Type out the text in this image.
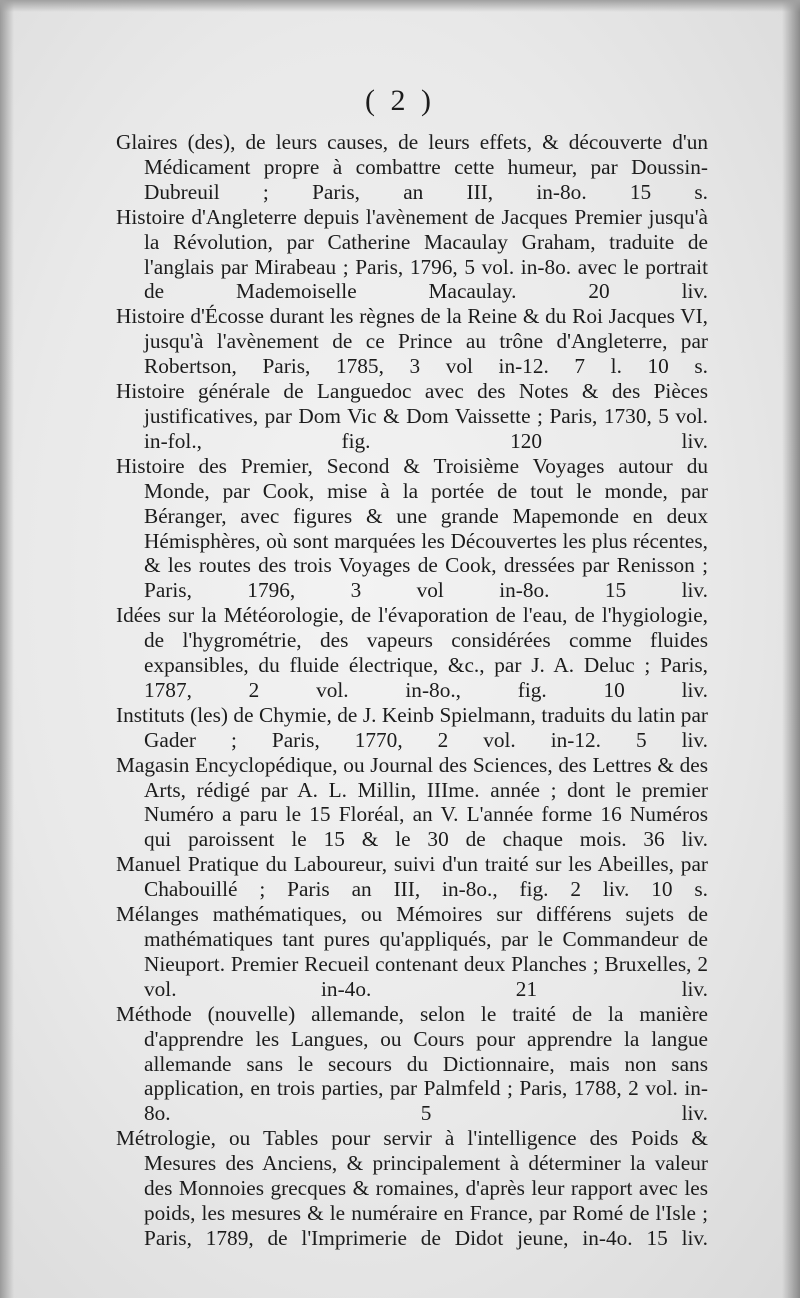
( 2 )

Glaires (des), de leurs causes, de leurs effets, & découverte d'un Médicament propre à combattre cette humeur, par Doussin-Dubreuil ; Paris, an III, in-8o. 15 s.

Histoire d'Angleterre depuis l'avènement de Jacques Premier jusqu'à la Révolution, par Catherine Macaulay Graham, traduite de l'anglais par Mirabeau ; Paris, 1796, 5 vol. in-8o. avec le portrait de Mademoiselle Macaulay.	20 liv.

Histoire d'Écosse durant les règnes de la Reine & du Roi Jacques VI, jusqu'à l'avènement de ce Prince au trône d'Angleterre, par Robertson, Paris, 1785, 3 vol in-12. 7 l. 10 s.

Histoire générale de Languedoc avec des Notes & des Pièces justificatives, par Dom Vic & Dom Vaissette ; Paris, 1730, 5 vol. in-fol., fig.	120 liv.

Histoire des Premier, Second & Troisième Voyages autour du Monde, par Cook, mise à la portée de tout le monde, par Béranger, avec figures & une grande Mapemonde en deux Hémisphères, où sont marquées les Découvertes les plus récentes, & les routes des trois Voyages de Cook, dressées par Renisson ; Paris, 1796, 3 vol in-8o.	15 liv.

Idées sur la Météorologie, de l'évaporation de l'eau, de l'hygiologie, de l'hygrométrie, des vapeurs considérées comme fluides expansibles, du fluide électrique, &c., par J. A. Deluc ; Paris, 1787, 2 vol. in-8o., fig.	10 liv.

Instituts (les) de Chymie, de J. Keinb Spielmann, traduits du latin par Gader ; Paris, 1770, 2 vol. in-12. 5 liv.

Magasin Encyclopédique, ou Journal des Sciences, des Lettres & des Arts, rédigé par A. L. Millin, IIIme. année ; dont le premier Numéro a paru le 15 Floréal, an V. L'année forme 16 Numéros qui paroissent le 15 & le 30 de chaque mois. 36 liv.

Manuel Pratique du Laboureur, suivi d'un traité sur les Abeilles, par Chabouillé ; Paris an III, in-8o., fig. 2 liv. 10 s.

Mélanges mathématiques, ou Mémoires sur différens sujets de mathématiques tant pures qu'appliqués, par le Commandeur de Nieuport. Premier Recueil contenant deux Planches ; Bruxelles, 2 vol. in-4o.	21 liv.

Méthode (nouvelle) allemande, selon le traité de la manière d'apprendre les Langues, ou Cours pour apprendre la langue allemande sans le secours du Dictionnaire, mais non sans application, en trois parties, par Palmfeld ; Paris, 1788, 2 vol. in-8o.	5 liv.

Métrologie, ou Tables pour servir à l'intelligence des Poids & Mesures des Anciens, & principalement à déterminer la valeur des Monnoies grecques & romaines, d'après leur rapport avec les poids, les mesures & le numéraire en France, par Romé de l'Isle ; Paris, 1789, de l'Imprimerie de Didot jeune, in-4o. 15 liv.
